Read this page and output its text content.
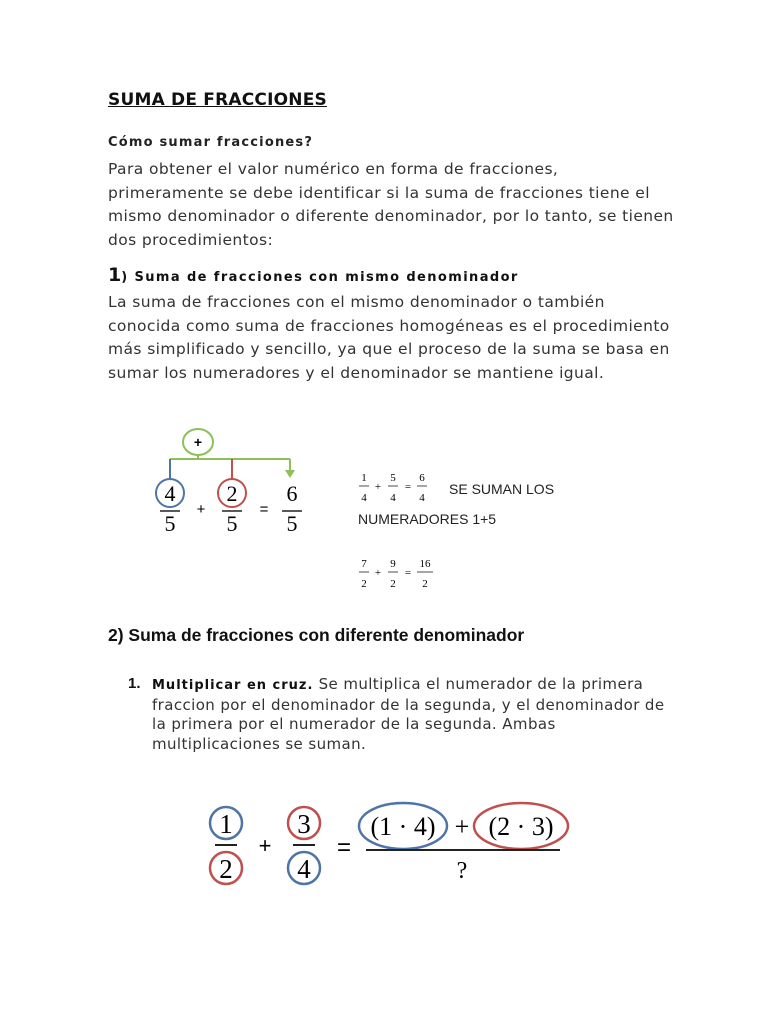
SUMA DE FRACCIONES
Cómo sumar fracciones?
Para obtener el valor numérico en forma de fracciones, primeramente se debe identificar si la suma de fracciones tiene el mismo denominador o diferente denominador, por lo tanto, se tienen dos procedimientos:
1) Suma de fracciones con mismo denominador
La suma de fracciones con el mismo denominador o también conocida como suma de fracciones homogéneas es el procedimiento más simplificado y sencillo, ya que el proceso de la suma se basa en sumar los numeradores y el denominador se mantiene igual.
+
4
5
+
2
5
=
6
5
1
4
+
5
4
=
6
4
SE SUMAN LOS
NUMERADORES 1+5
7
2
+
9
2
=
16
2
2) Suma de fracciones con diferente denominador
1. Multiplicar en cruz. Se multiplica el numerador de la primera fraccion por el denominador de la segunda, y el denominador de la primera por el numerador de la segunda. Ambas multiplicaciones se suman.
1
2
+
3
4
=
(1 · 4) + (2 · 3)
?
